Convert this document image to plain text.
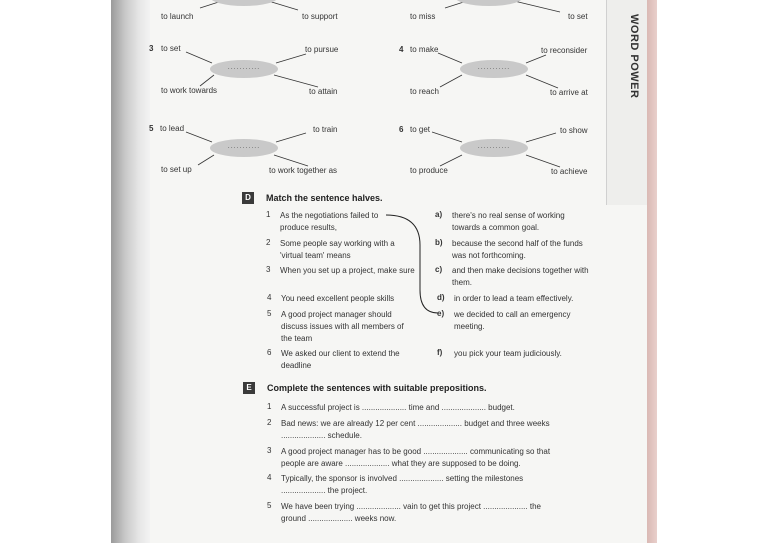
WORD POWER
to launch	to support	to miss	to set
3 to set	to pursue
...........
to work towards	to attain
4 to make	to reconsider
...........
to reach	to arrive at
5 to lead	to train
...........
to set up	to work together as
6 to get	to show
...........
to produce	to achieve
D	Match the sentence halves.
1 As the negotiations failed to
produce results,
2 Some people say working with a
'virtual team' means
3 When you set up a project, make sure
4 You need excellent people skills
5 A good project manager should
discuss issues with all members of
the team
6 We asked our client to extend the
deadline
a) there's no real sense of working
towards a common goal.
b) because the second half of the funds
was not forthcoming.
c) and then make decisions together with
them.
d) in order to lead a team effectively.
e) we decided to call an emergency
meeting.
f) you pick your team judiciously.
E	Complete the sentences with suitable prepositions.
1 A successful project is .................... time and .................... budget.
2 Bad news: we are already 12 per cent .................... budget and three weeks
.................... schedule.
3 A good project manager has to be good .................... communicating so that
people are aware .................... what they are supposed to be doing.
4 Typically, the sponsor is involved .................... setting the milestones
.................... the project.
5 We have been trying .................... vain to get this project .................... the
ground .................... weeks now.
